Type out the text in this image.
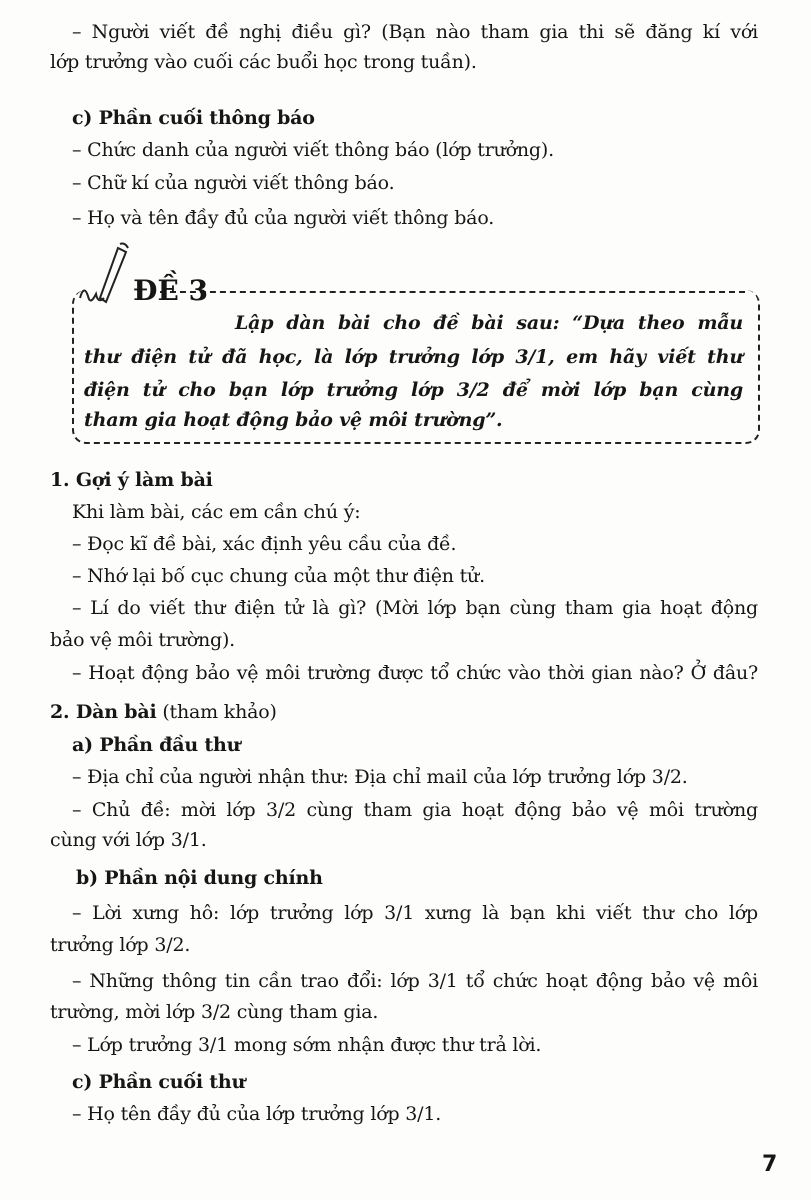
– Người viết đề nghị điều gì? (Bạn nào tham gia thi sẽ đăng kí với
lớp trưởng vào cuối các buổi học trong tuần).
c) Phần cuối thông báo
– Chức danh của người viết thông báo (lớp trưởng).
– Chữ kí của người viết thông báo.
– Họ và tên đầy đủ của người viết thông báo.
ĐỀ 3
Lập dàn bài cho đề bài sau: “Dựa theo mẫu
thư điện tử đã học, là lớp trưởng lớp 3/1, em hãy viết thư
điện tử cho bạn lớp trưởng lớp 3/2 để mời lớp bạn cùng
tham gia hoạt động bảo vệ môi trường”.
1. Gợi ý làm bài
Khi làm bài, các em cần chú ý:
– Đọc kĩ đề bài, xác định yêu cầu của đề.
– Nhớ lại bố cục chung của một thư điện tử.
– Lí do viết thư điện tử là gì? (Mời lớp bạn cùng tham gia hoạt động
bảo vệ môi trường).
– Hoạt động bảo vệ môi trường được tổ chức vào thời gian nào? Ở đâu?
2. Dàn bài (tham khảo)
a) Phần đầu thư
– Địa chỉ của người nhận thư: Địa chỉ mail của lớp trưởng lớp 3/2.
– Chủ đề: mời lớp 3/2 cùng tham gia hoạt động bảo vệ môi trường
cùng với lớp 3/1.
b) Phần nội dung chính
– Lời xưng hô: lớp trưởng lớp 3/1 xưng là bạn khi viết thư cho lớp
trưởng lớp 3/2.
– Những thông tin cần trao đổi: lớp 3/1 tổ chức hoạt động bảo vệ môi
trường, mời lớp 3/2 cùng tham gia.
– Lớp trưởng 3/1 mong sớm nhận được thư trả lời.
c) Phần cuối thư
– Họ tên đầy đủ của lớp trưởng lớp 3/1.
7
